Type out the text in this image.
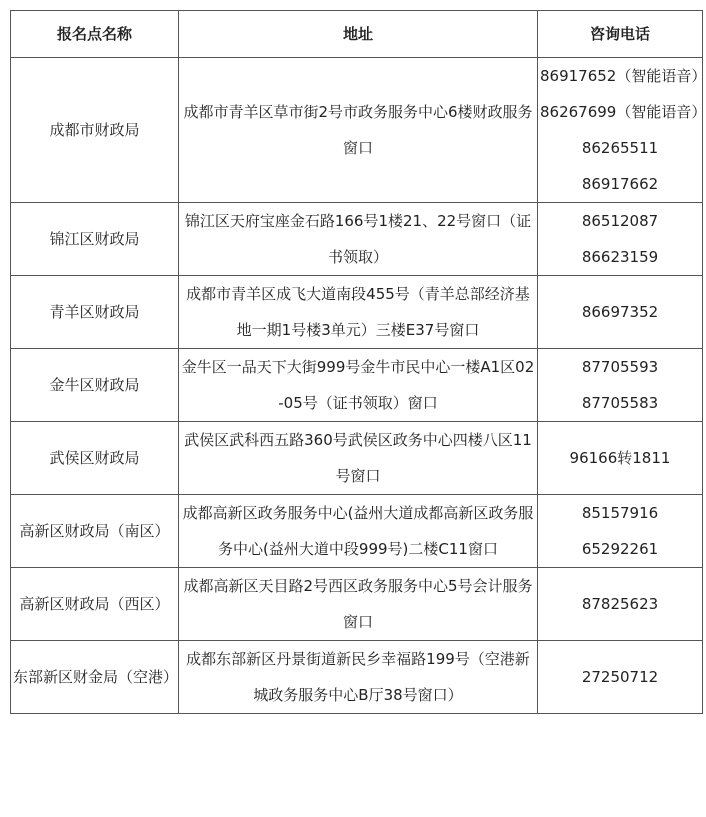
报名点名称	地址	咨询电话
成都市财政局	成都市青羊区草市街2号市政务服务中心6楼财政服务窗口	86917652（智能语音）
86267699（智能语音）
86265511
86917662

锦江区财政局	锦江区天府宝座金石路166号1楼21、22号窗口（证书领取）	86512087
86623159

青羊区财政局	成都市青羊区成飞大道南段455号（青羊总部经济基地一期1号楼3单元）三楼E37号窗口	86697352

金牛区财政局	金牛区一品天下大街999号金牛市民中心一楼A1区02-05号（证书领取）窗口	87705593
87705583

武侯区财政局	武侯区武科西五路360号武侯区政务中心四楼八区11号窗口	96166转1811

高新区财政局（南区）	成都高新区政务服务中心(益州大道成都高新区政务服务中心(益州大道中段999号)二楼C11窗口	85157916
65292261

高新区财政局（西区）	成都高新区天目路2号西区政务服务中心5号会计服务窗口	87825623

东部新区财金局（空港）	成都东部新区丹景街道新民乡幸福路199号（空港新城政务服务中心B厅38号窗口）	27250712
